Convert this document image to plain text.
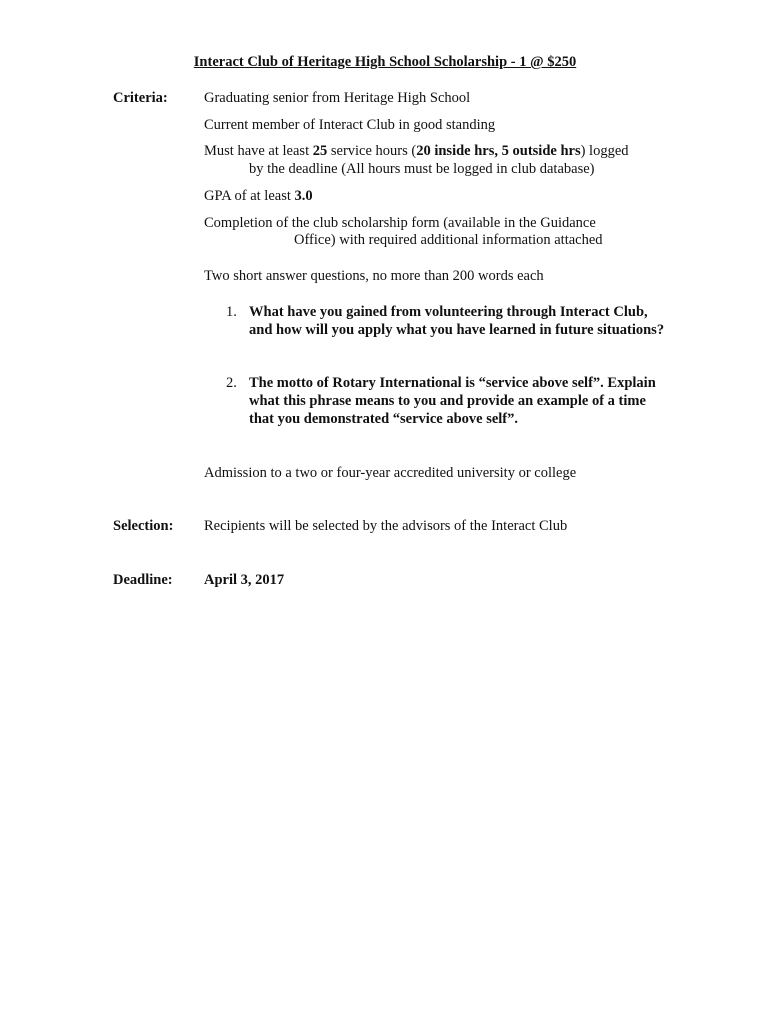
Interact Club of Heritage High School Scholarship - 1 @ $250
Criteria:	Graduating senior from Heritage High School
Current member of Interact Club in good standing
Must have at least 25 service hours (20 inside hrs, 5 outside hrs) logged
by the deadline (All hours must be logged in club database)
GPA of at least 3.0
Completion of the club scholarship form (available in the Guidance
Office) with required additional information attached
Two short answer questions, no more than 200 words each
1. What have you gained from volunteering through Interact Club, and how will you apply what you have learned in future situations?
2. The motto of Rotary International is “service above self”. Explain what this phrase means to you and provide an example of a time that you demonstrated “service above self”.
Admission to a two or four-year accredited university or college
Selection: Recipients will be selected by the advisors of the Interact Club
Deadline: April 3, 2017
